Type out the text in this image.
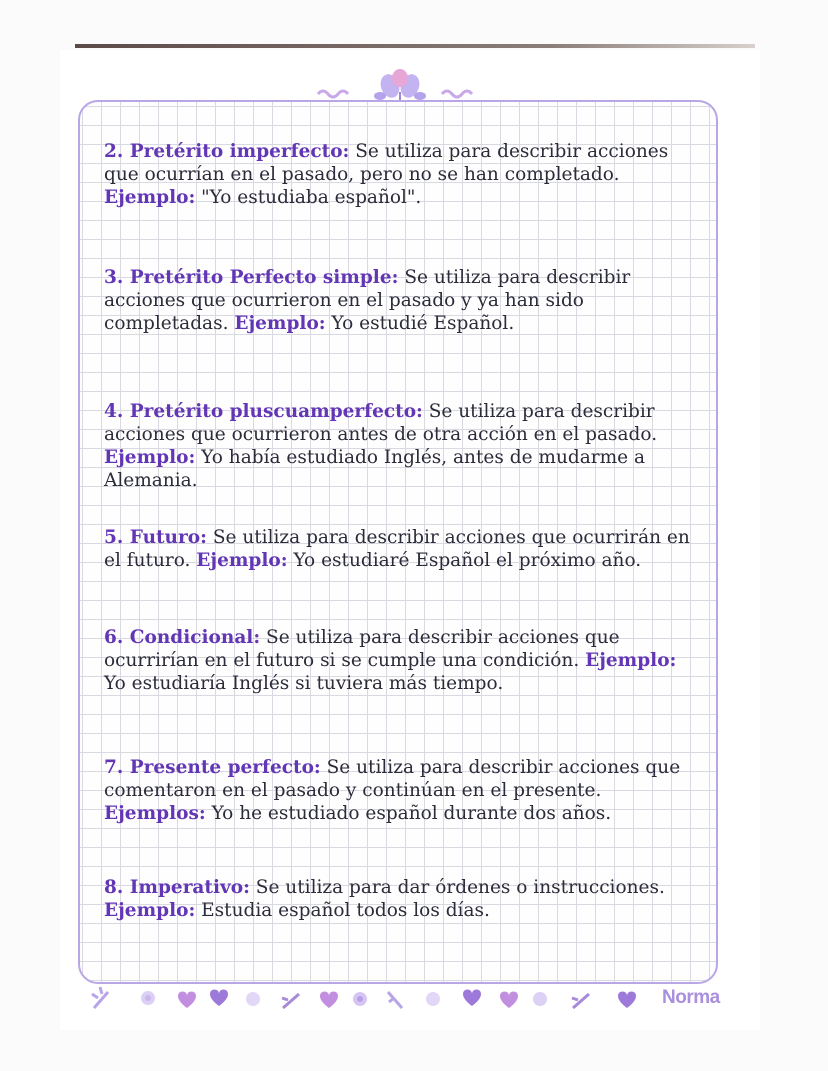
2. Pretérito imperfecto: Se utiliza para describir acciones que ocurrían en el pasado, pero no se han completado. Ejemplo: "Yo estudiaba español".

3. Pretérito Perfecto simple: Se utiliza para describir acciones que ocurrieron en el pasado y ya han sido completadas. Ejemplo: Yo estudié Español.

4. Pretérito pluscuamperfecto: Se utiliza para describir acciones que ocurrieron antes de otra acción en el pasado. Ejemplo: Yo había estudiado Inglés, antes de mudarme a Alemania.

5. Futuro: Se utiliza para describir acciones que ocurrirán en el futuro. Ejemplo: Yo estudiaré Español el próximo año.

6. Condicional: Se utiliza para describir acciones que ocurrirían en el futuro si se cumple una condición. Ejemplo: Yo estudiaría Inglés si tuviera más tiempo.

7. Presente perfecto: Se utiliza para describir acciones que comentaron en el pasado y continúan en el presente. Ejemplos: Yo he estudiado español durante dos años.

8. Imperativo: Se utiliza para dar órdenes o instrucciones. Ejemplo: Estudia español todos los días.

Norma
